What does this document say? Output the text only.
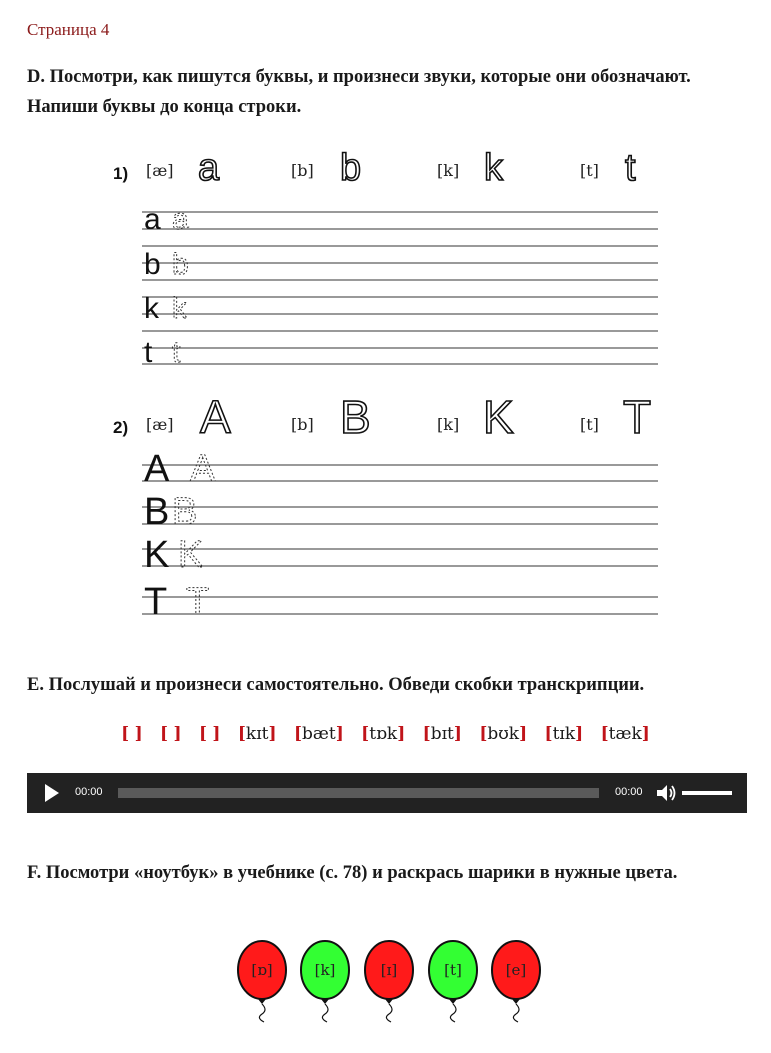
Страница 4
D. Посмотри, как пишутся буквы, и произнеси звуки, которые они обозначают. Напиши буквы до конца строки.
1) [æ] a	[b] b	[k] k	[t] t
a a
b b
k k
t t
2) [æ] A	[b] B	[k] K	[t] T
A A
B B
K K
T T
[ɒ]	[k]	[ɪ]	[t]	[e]
E. Послушай и произнеси самостоятельно. Обведи скобки транскрипции.
[ ] [ ] [ ] [kɪt] [bæt] [tɒk] [bɪt] [bʊk] [tɪk] [tæk]
00:00	00:00
F. Посмотри «ноутбук» в учебнике (с. 78) и раскрась шарики в нужные цвета.
